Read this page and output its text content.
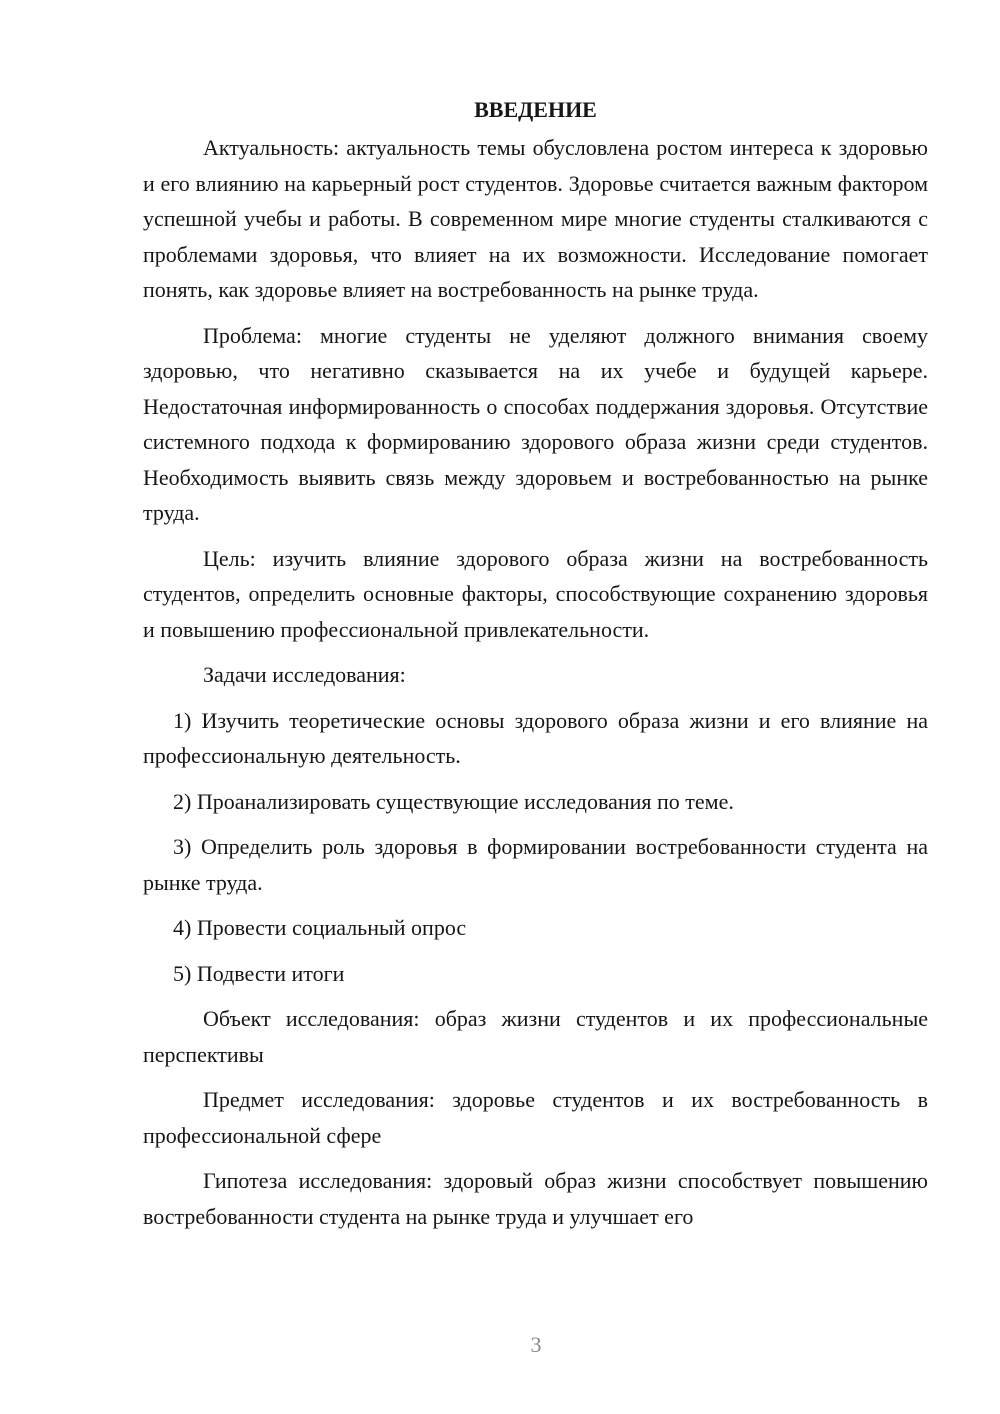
ВВЕДЕНИЕ

Актуальность: актуальность темы обусловлена ростом интереса к здоровью и его влиянию на карьерный рост студентов. Здоровье считается важным фактором успешной учебы и работы. В современном мире многие студенты сталкиваются с проблемами здоровья, что влияет на их возможности. Исследование помогает понять, как здоровье влияет на востребованность на рынке труда.

Проблема: многие студенты не уделяют должного внимания своему здоровью, что негативно сказывается на их учебе и будущей карьере. Недостаточная информированность о способах поддержания здоровья. Отсутствие системного подхода к формированию здорового образа жизни среди студентов. Необходимость выявить связь между здоровьем и востребованностью на рынке труда.

Цель: изучить влияние здорового образа жизни на востребованность студентов, определить основные факторы, способствующие сохранению здоровья и повышению профессиональной привлекательности.

Задачи исследования:

1) Изучить теоретические основы здорового образа жизни и его влияние на профессиональную деятельность.

2) Проанализировать существующие исследования по теме.

3) Определить роль здоровья в формировании востребованности студента на рынке труда.

4) Провести социальный опрос

5) Подвести итоги

Объект исследования: образ жизни студентов и их профессиональные перспективы

Предмет исследования: здоровье студентов и их востребованность в профессиональной сфере

Гипотеза исследования: здоровый образ жизни способствует повышению востребованности студента на рынке труда и улучшает его

3
